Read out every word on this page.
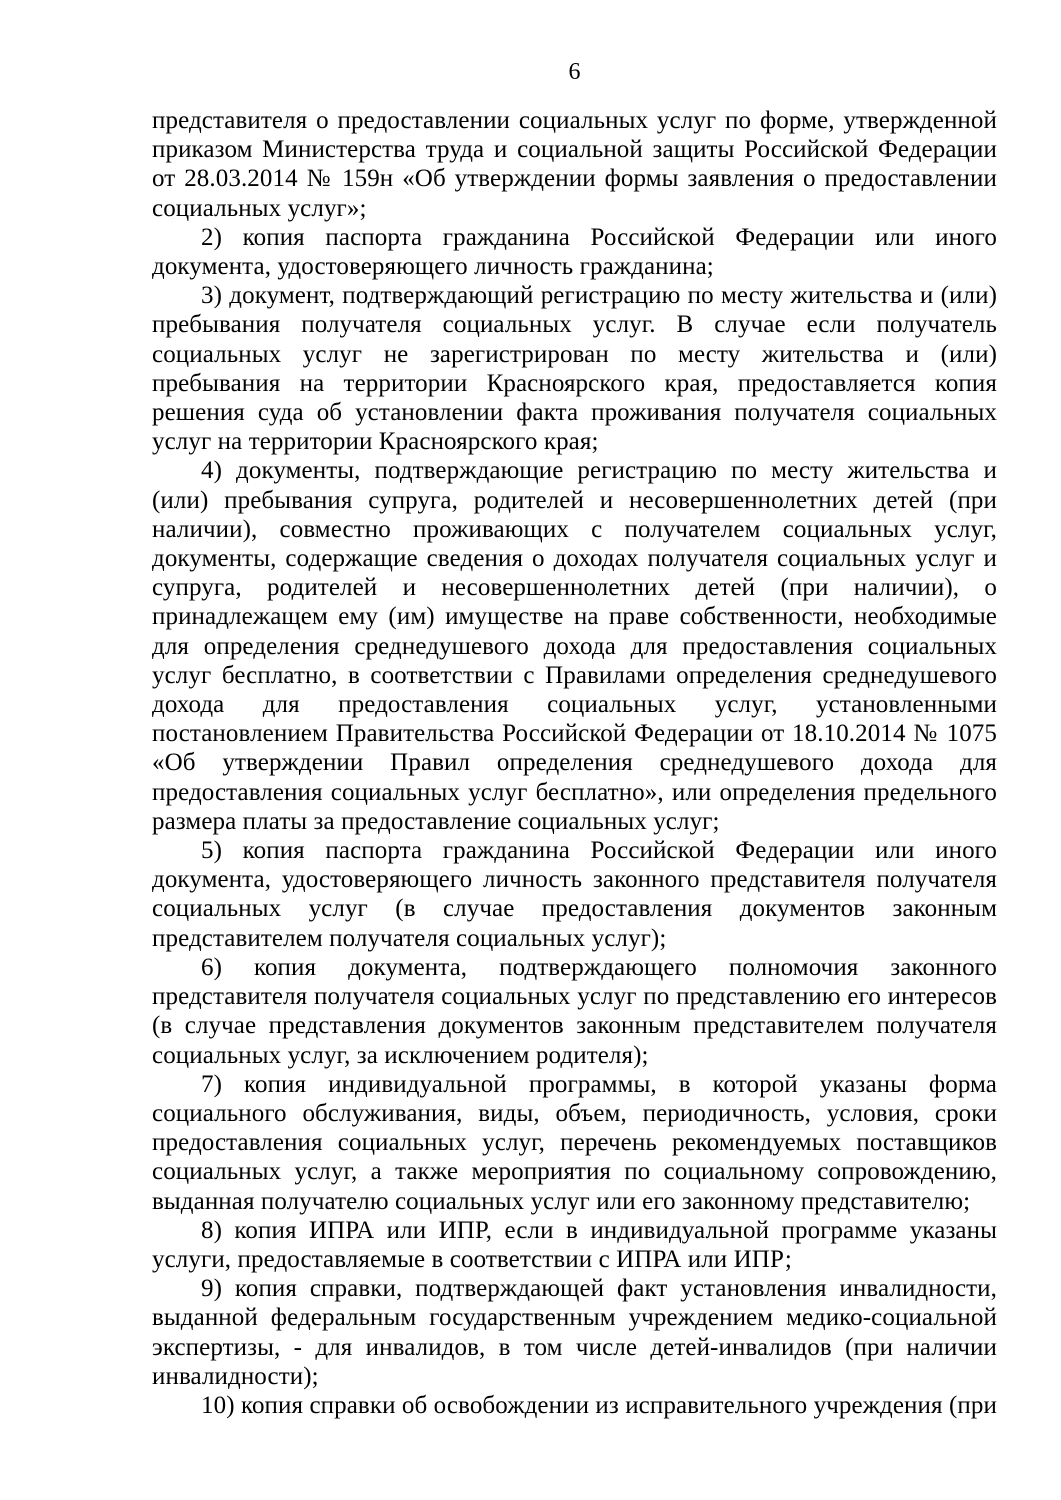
6

представителя о предоставлении социальных услуг по форме, утвержденной приказом Министерства труда и социальной защиты Российской Федерации от 28.03.2014 № 159н «Об утверждении формы заявления о предоставлении социальных услуг»;

2) копия паспорта гражданина Российской Федерации или иного документа, удостоверяющего личность гражданина;

3) документ, подтверждающий регистрацию по месту жительства и (или) пребывания получателя социальных услуг. В случае если получатель социальных услуг не зарегистрирован по месту жительства и (или) пребывания на территории Красноярского края, предоставляется копия решения суда об установлении факта проживания получателя социальных услуг на территории Красноярского края;

4) документы, подтверждающие регистрацию по месту жительства и (или) пребывания супруга, родителей и несовершеннолетних детей (при наличии), совместно проживающих с получателем социальных услуг, документы, содержащие сведения о доходах получателя социальных услуг и супруга, родителей и несовершеннолетних детей (при наличии), о принадлежащем ему (им) имуществе на праве собственности, необходимые для определения среднедушевого дохода для предоставления социальных услуг бесплатно, в соответствии с Правилами определения среднедушевого дохода для предоставления социальных услуг, установленными постановлением Правительства Российской Федерации от 18.10.2014 № 1075 «Об утверждении Правил определения среднедушевого дохода для предоставления социальных услуг бесплатно», или определения предельного размера платы за предоставление социальных услуг;

5) копия паспорта гражданина Российской Федерации или иного документа, удостоверяющего личность законного представителя получателя социальных услуг (в случае предоставления документов законным представителем получателя социальных услуг);

6) копия документа, подтверждающего полномочия законного представителя получателя социальных услуг по представлению его интересов (в случае представления документов законным представителем получателя социальных услуг, за исключением родителя);

7) копия индивидуальной программы, в которой указаны форма социального обслуживания, виды, объем, периодичность, условия, сроки предоставления социальных услуг, перечень рекомендуемых поставщиков социальных услуг, а также мероприятия по социальному сопровождению, выданная получателю социальных услуг или его законному представителю;

8) копия ИПРА или ИПР, если в индивидуальной программе указаны услуги, предоставляемые в соответствии с ИПРА или ИПР;

9) копия справки, подтверждающей факт установления инвалидности, выданной федеральным государственным учреждением медико-социальной экспертизы, - для инвалидов, в том числе детей-инвалидов (при наличии инвалидности);

10) копия справки об освобождении из исправительного учреждения (при
